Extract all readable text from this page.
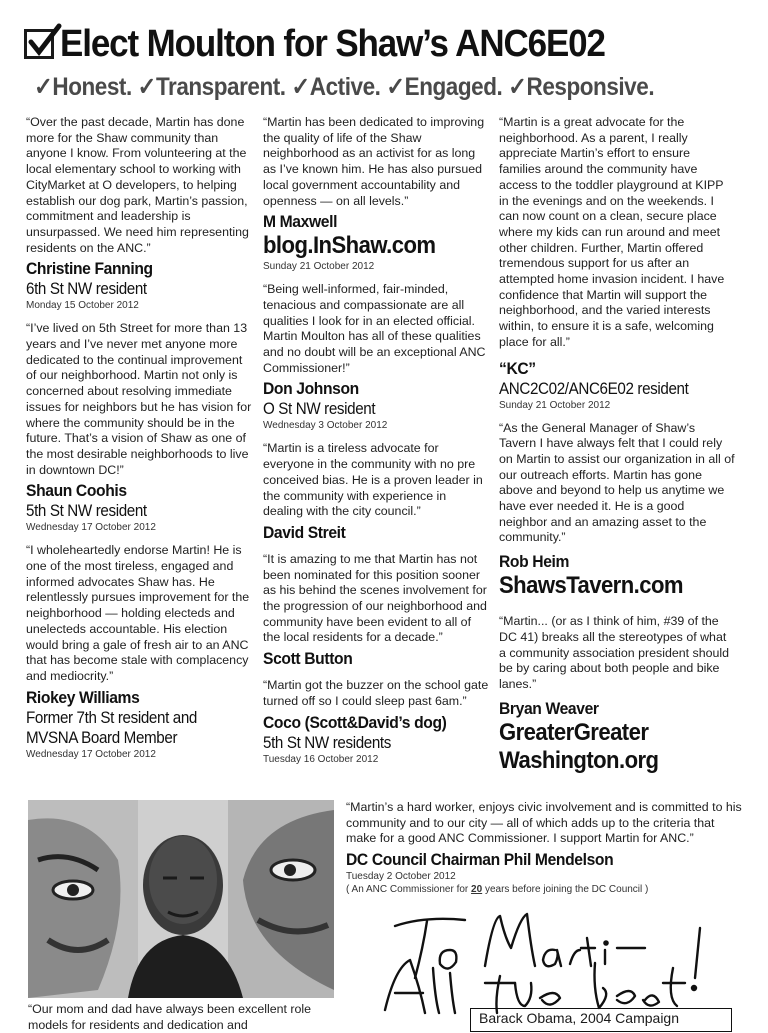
Elect Moulton for Shaw’s ANC6E02
✓Honest. ✓Transparent. ✓Active. ✓Engaged. ✓Responsive.

“Over the past decade, Martin has done more for the Shaw community than anyone I know. From volunteering at the local elementary school to working with CityMarket at O developers, to helping establish our dog park, Martin’s passion, commitment and leadership is unsurpassed. We need him representing residents on the ANC.”

Christine Fanning
6th St NW resident
Monday 15 October 2012

“I’ve lived on 5th Street for more than 13 years and I’ve never met anyone more dedicated to the continual improvement of our neighborhood. Martin not only is concerned about resolving immediate issues for neighbors but he has vision for where the community should be in the future. That’s a vision of Shaw as one of the most desirable neighborhoods to live in downtown DC!”

Shaun Coohis
5th St NW resident
Wednesday 17 October 2012

“I wholeheartedly endorse Martin! He is one of the most tireless, engaged and informed advocates Shaw has. He relentlessly pursues improvement for the neighborhood — holding electeds and unelecteds accountable. His election would bring a gale of fresh air to an ANC that has become stale with complacency and mediocrity.”

Riokey Williams
Former 7th St resident and
MVSNA Board Member
Wednesday 17 October 2012

“Martin has been dedicated to improving the quality of life of the Shaw neighborhood as an activist for as long as I’ve known him. He has also pursued local government accountability and openness — on all levels.”

M Maxwell
blog.InShaw.com
Sunday 21 October 2012

“Being well-informed, fair-minded, tenacious and compassionate are all qualities I look for in an elected official. Martin Moulton has all of these qualities and no doubt will be an exceptional ANC Commissioner!”

Don Johnson
O St NW resident
Wednesday 3 October 2012

“Martin is a tireless advocate for everyone in the community with no pre conceived bias. He is a proven leader in the community with experience in dealing with the city council.”

David Streit

“It is amazing to me that Martin has not been nominated for this position sooner as his behind the scenes involvement for the progression of our neighborhood and community have been evident to all of the local residents for a decade.”

Scott Button

“Martin got the buzzer on the school gate turned off so I could sleep past 6am.”

Coco (Scott&David’s dog)
5th St NW residents
Tuesday 16 October 2012

“Martin is a great advocate for the neighborhood. As a parent, I really appreciate Martin’s effort to ensure families around the community have access to the toddler playground at KIPP in the evenings and on the weekends. I can now count on a clean, secure place where my kids can run around and meet other children. Further, Martin offered tremendous support for us after an attempted home invasion incident. I have confidence that Martin will support the neighborhood, and the varied interests within, to ensure it is a safe, welcoming place for all.”

“KC”
ANC2C02/ANC6E02 resident
Sunday 21 October 2012

“As the General Manager of Shaw’s Tavern I have always felt that I could rely on Martin to assist our organization in all of our outreach efforts. Martin has gone above and beyond to help us anytime we have ever needed it. He is a good neighbor and an amazing asset to the community.”

Rob Heim
ShawsTavern.com

“Martin... (or as I think of him, #39 of the DC 41) breaks all the stereotypes of what a community association president should be by caring about both people and bike lanes.”

Bryan Weaver
GreaterGreater
Washington.org

“Martin’s a hard worker, enjoys civic involvement and is committed to his community and to our city — all of which adds up to the criteria that make for a good ANC Commissioner. I support Martin for ANC.”

DC Council Chairman Phil Mendelson
Tuesday 2 October 2012
( An ANC Commissioner for 20 years before joining the DC Council )
Barack Obama, 2004 Campaign
“Our mom and dad have always been excellent role models for residents and dedication and
